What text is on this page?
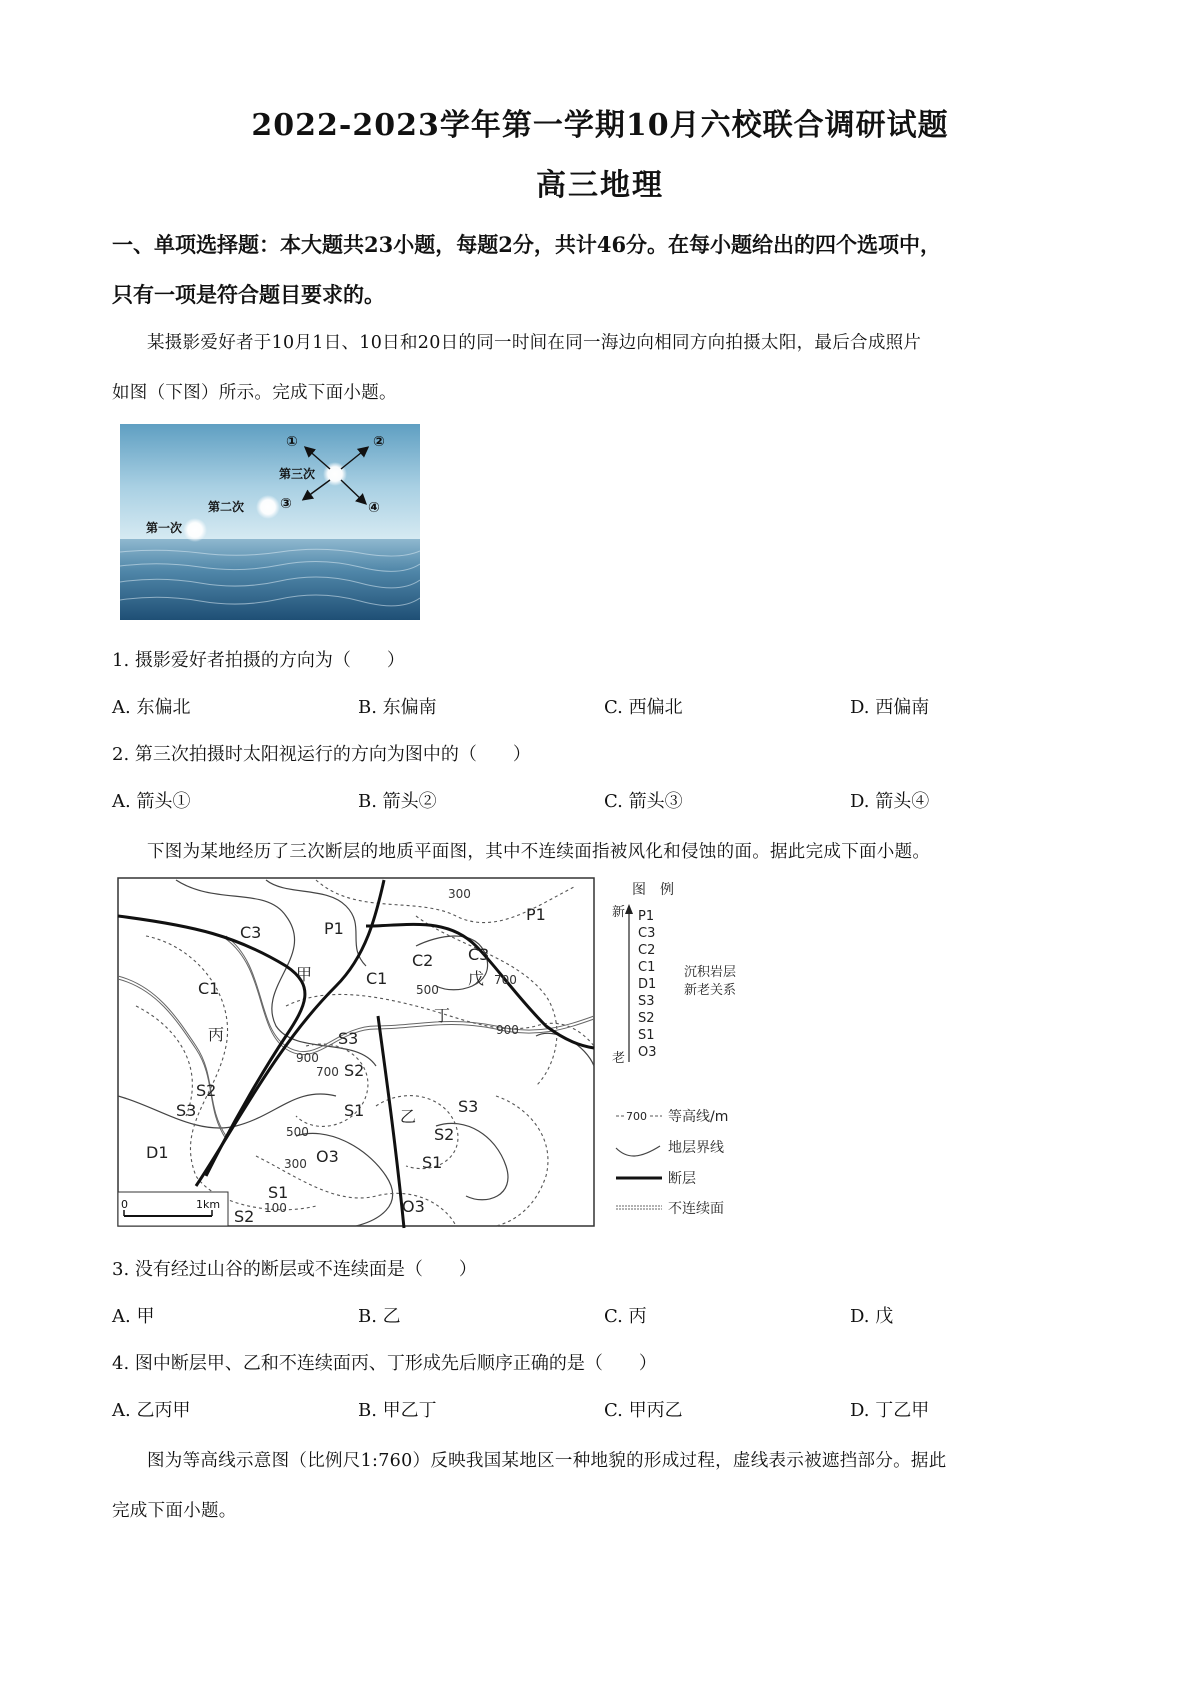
2022-2023学年第一学期10月六校联合调研试题
高三地理
一、单项选择题：本大题共23小题，每题2分，共计46分。在每小题给出的四个选项中，
只有一项是符合题目要求的。
某摄影爱好者于10月1日、10日和20日的同一时间在同一海边向相同方向拍摄太阳，最后合成照片
如图（下图）所示。完成下面小题。
第一次
第二次
第三次
①	②
③	④
1. 摄影爱好者拍摄的方向为（　　）
A. 东偏北	B. 东偏南	C. 西偏北	D. 西偏南
2. 第三次拍摄时太阳视运行的方向为图中的（　　）
A. 箭头①	B. 箭头②	C. 箭头③	D. 箭头④
下图为某地经历了三次断层的地质平面图，其中不连续面指被风化和侵蚀的面。据此完成下面小题。
甲
乙
丙
丁
戊
C3	P1
P1
C1
C1
C2 C3
S3
S2
S2
S3	S1	S3
S2
S1
D1	O3
S1
S2
O3
300
500
700
900
900
700
500
300
100
0	1km
图　例
新
老
P1
C3
C2
C1
D1
S3
S2
S1
O3
沉积岩层
新老关系
700 等高线/m
地层界线
断层
不连续面
3. 没有经过山谷的断层或不连续面是（　　）
A. 甲	B. 乙	C. 丙	D. 戊
4. 图中断层甲、乙和不连续面丙、丁形成先后顺序正确的是（　　）
A. 乙丙甲	B. 甲乙丁	C. 甲丙乙	D. 丁乙甲
图为等高线示意图（比例尺1:760）反映我国某地区一种地貌的形成过程，虚线表示被遮挡部分。据此
完成下面小题。
